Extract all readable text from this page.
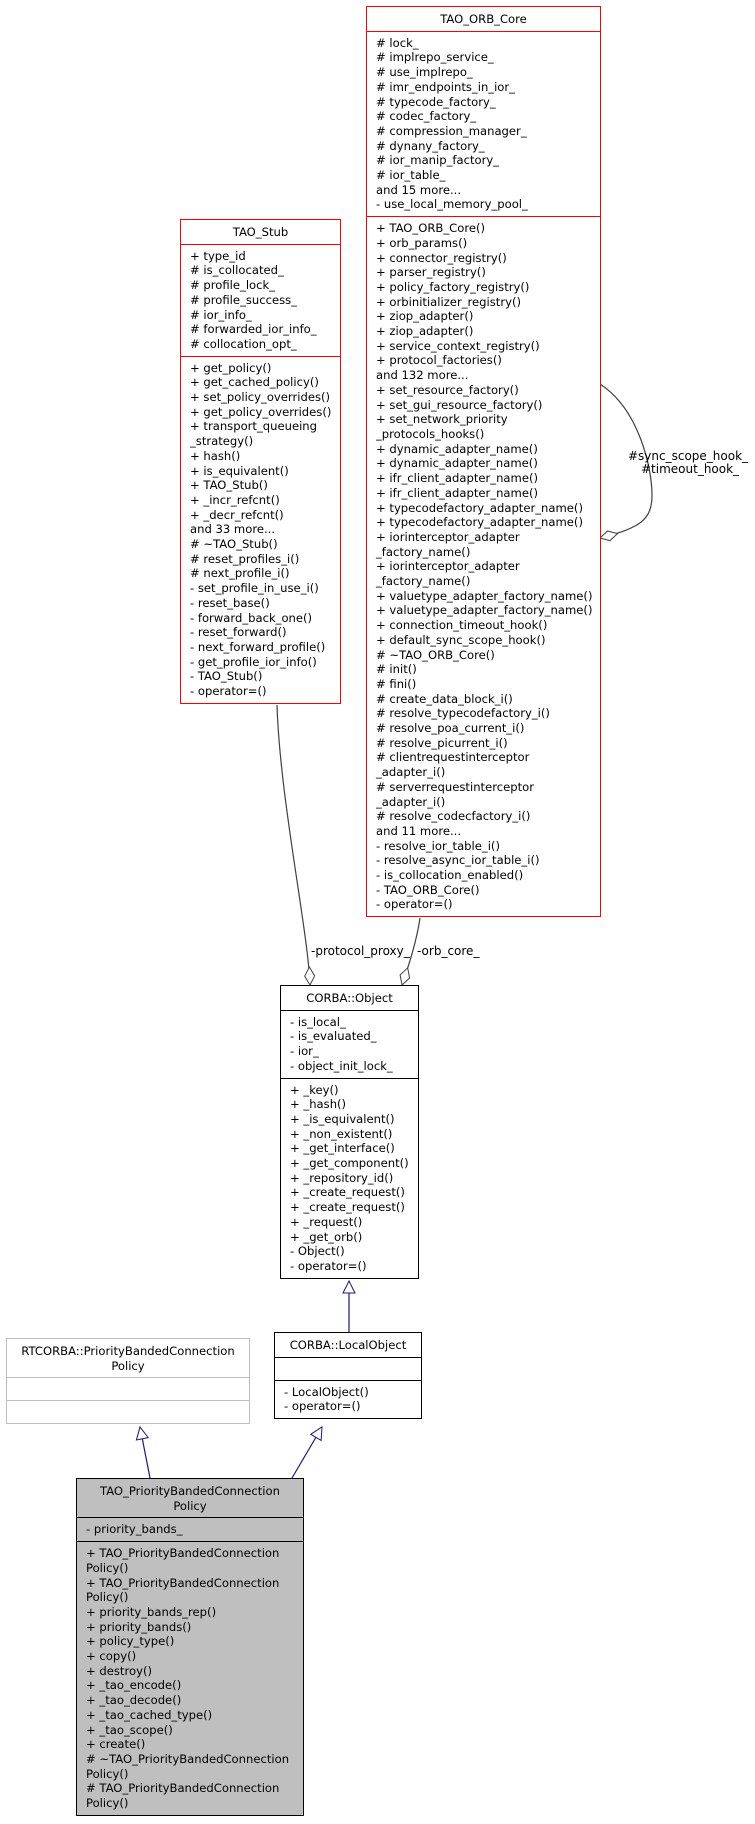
TAO_ORB_Core
# lock_
# implrepo_service_
# use_implrepo_
# imr_endpoints_in_ior_
# typecode_factory_
# codec_factory_
# compression_manager_
# dynany_factory_
# ior_manip_factory_
# ior_table_
and 15 more...
- use_local_memory_pool_
+ TAO_ORB_Core()
+ orb_params()
+ connector_registry()
+ parser_registry()
+ policy_factory_registry()
+ orbinitializer_registry()
+ ziop_adapter()
+ ziop_adapter()
+ service_context_registry()
+ protocol_factories()
and 132 more...
+ set_resource_factory()
+ set_gui_resource_factory()
+ set_network_priority
_protocols_hooks()
+ dynamic_adapter_name()
+ dynamic_adapter_name()
+ ifr_client_adapter_name()
+ ifr_client_adapter_name()
+ typecodefactory_adapter_name()
+ typecodefactory_adapter_name()
+ iorinterceptor_adapter
_factory_name()
+ iorinterceptor_adapter
_factory_name()
+ valuetype_adapter_factory_name()
+ valuetype_adapter_factory_name()
+ connection_timeout_hook()
+ default_sync_scope_hook()
# ~TAO_ORB_Core()
# init()
# fini()
# create_data_block_i()
# resolve_typecodefactory_i()
# resolve_poa_current_i()
# resolve_picurrent_i()
# clientrequestinterceptor
_adapter_i()
# serverrequestinterceptor
_adapter_i()
# resolve_codecfactory_i()
and 11 more...
- resolve_ior_table_i()
- resolve_async_ior_table_i()
- is_collocation_enabled()
- TAO_ORB_Core()
- operator=()
TAO_Stub
+ type_id
# is_collocated_
# profile_lock_
# profile_success_
# ior_info_
# forwarded_ior_info_
# collocation_opt_
+ get_policy()
+ get_cached_policy()
+ set_policy_overrides()
+ get_policy_overrides()
+ transport_queueing
_strategy()
+ hash()
+ is_equivalent()
+ TAO_Stub()
+ _incr_refcnt()
+ _decr_refcnt()
and 33 more...
# ~TAO_Stub()
# reset_profiles_i()
# next_profile_i()
- set_profile_in_use_i()
- reset_base()
- forward_back_one()
- reset_forward()
- next_forward_profile()
- get_profile_ior_info()
- TAO_Stub()
- operator=()
-protocol_proxy_ -orb_core_
#sync_scope_hook_
#timeout_hook_
CORBA::Object
- is_local_
- is_evaluated_
- ior_
- object_init_lock_
+ _key()
+ _hash()
+ _is_equivalent()
+ _non_existent()
+ _get_interface()
+ _get_component()
+ _repository_id()
+ _create_request()
+ _create_request()
+ _request()
+ _get_orb()
- Object()
- operator=()
RTCORBA::PriorityBandedConnection
Policy
CORBA::LocalObject
- LocalObject()
- operator=()
TAO_PriorityBandedConnection
Policy
- priority_bands_
+ TAO_PriorityBandedConnection
Policy()
+ TAO_PriorityBandedConnection
Policy()
+ priority_bands_rep()
+ priority_bands()
+ policy_type()
+ copy()
+ destroy()
+ _tao_encode()
+ _tao_decode()
+ _tao_cached_type()
+ _tao_scope()
+ create()
# ~TAO_PriorityBandedConnection
Policy()
# TAO_PriorityBandedConnection
Policy()
